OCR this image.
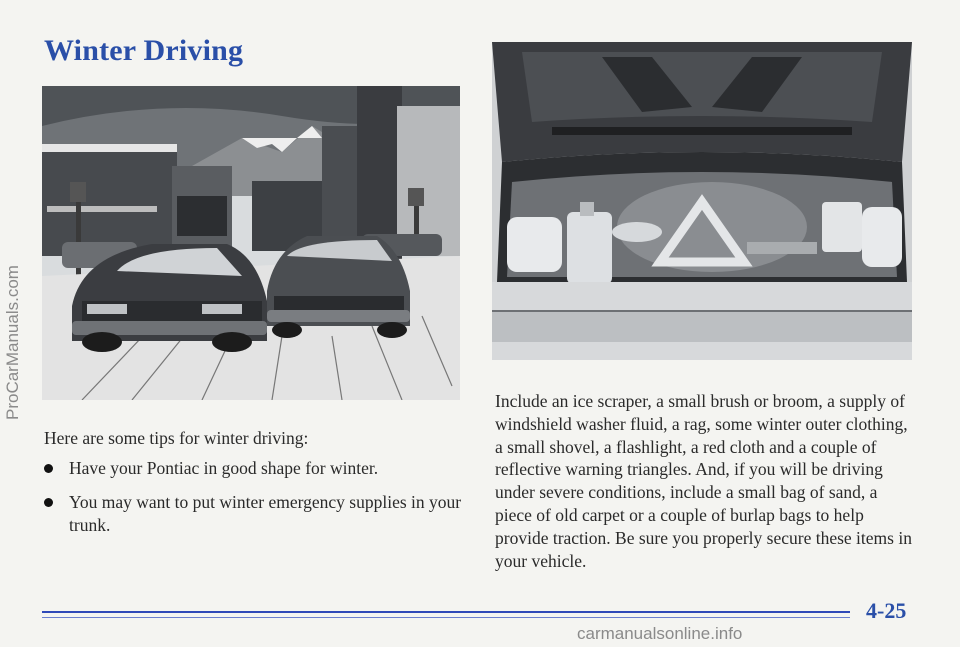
Winter Driving
ProCarManuals.com

Here are some tips for winter driving:

Have your Pontiac in good shape for winter.
You may want to put winter emergency supplies in your trunk.

Include an ice scraper, a small brush or broom, a supply of windshield washer fluid, a rag, some winter outer clothing, a small shovel, a flashlight, a red cloth and a couple of reflective warning triangles. And, if you will be driving under severe conditions, include a small bag of sand, a piece of old carpet or a couple of burlap bags to help provide traction. Be sure you properly secure these items in your vehicle.

4-25

carmanualsonline.info
